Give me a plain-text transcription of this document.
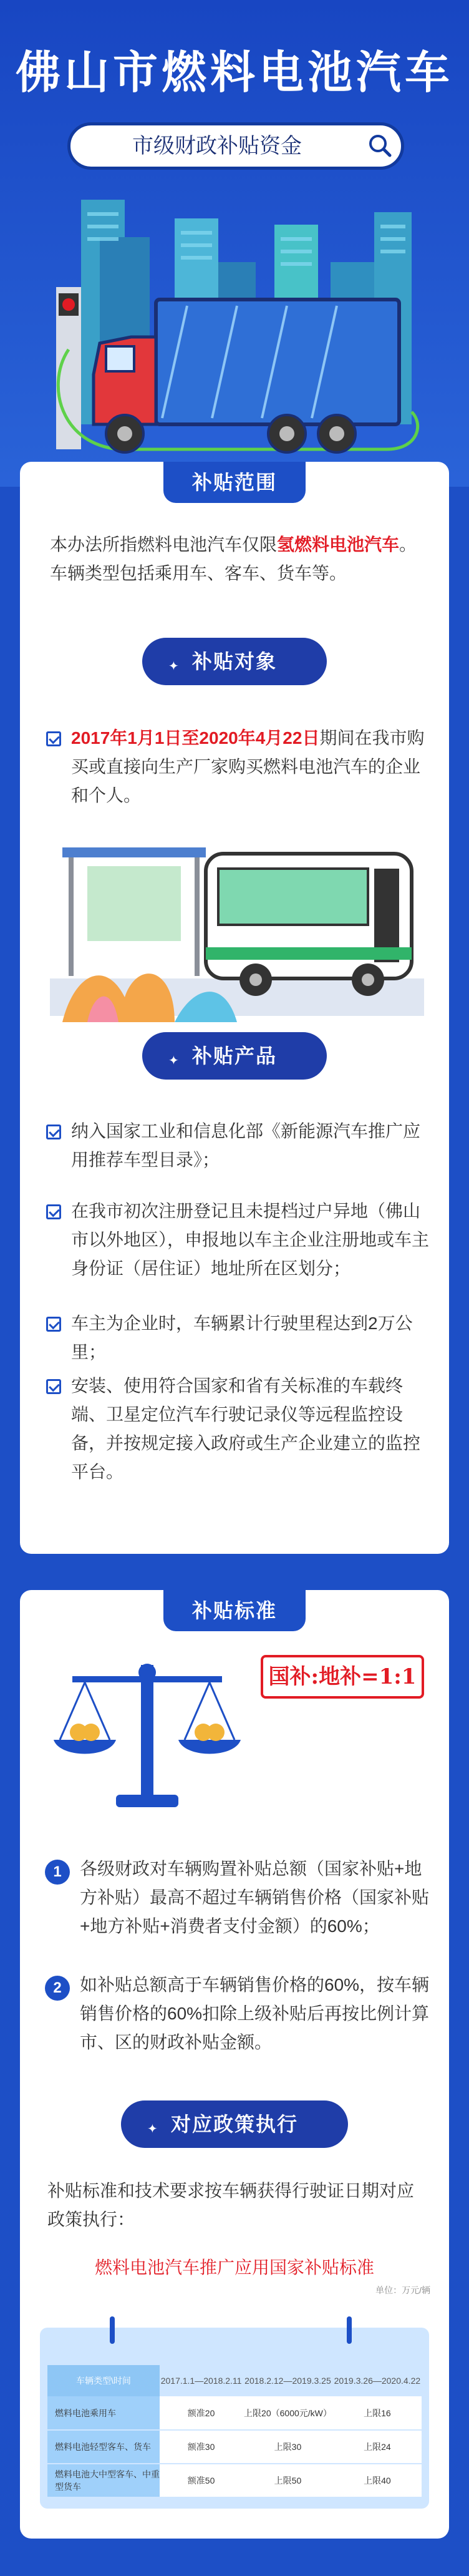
佛山市燃料电池汽车
市级财政补贴资金
补贴范围
本办法所指燃料电池汽车仅限氢燃料电池汽车。车辆类型包括乘用车、客车、货车等。
✦ 补贴对象
2017年1月1日至2020年4月22日期间在我市购买或直接向生产厂家购买燃料电池汽车的企业和个人。
✦ 补贴产品
纳入国家工业和信息化部《新能源汽车推广应用推荐车型目录》；
在我市初次注册登记且未提档过户异地（佛山市以外地区），申报地以车主企业注册地或车主身份证（居住证）地址所在区划分；
车主为企业时，车辆累计行驶里程达到2万公里；
安装、使用符合国家和省有关标准的车载终端、卫星定位汽车行驶记录仪等远程监控设备，并按规定接入政府或生产企业建立的监控平台。
补贴标准
1	各级财政对车辆购置补贴总额（国家补贴+地方补贴）最高不超过车辆销售价格（国家补贴+地方补贴+消费者支付金额）的60%；
2	如补贴总额高于车辆销售价格的60%，按车辆销售价格的60%扣除上级补贴后再按比例计算市、区的财政补贴金额。
✦ 对应政策执行
补贴标准和技术要求按车辆获得行驶证日期对应政策执行：
国补:地补=1:1
燃料电池汽车推广应用国家补贴标准
单位：万元/辆
车辆类型\时间	2017.1.1—2018.2.11	2018.2.12—2019.3.25	2019.3.26—2020.4.22
燃料电池乘用车	额准20	上限20（6000元/kW）	上限16
燃料电池轻型客车、货车	额准30	上限30	上限24
燃料电池大中型客车、中重型货车	额准50	上限50	上限40
